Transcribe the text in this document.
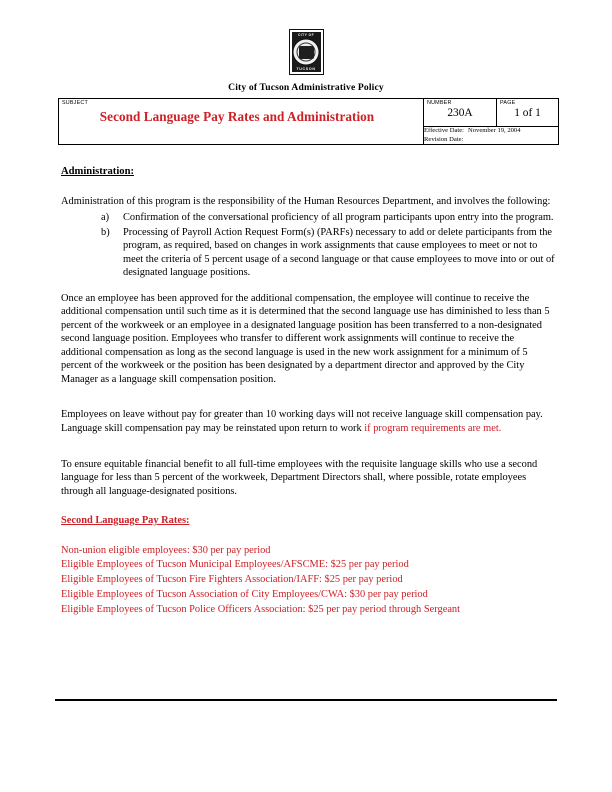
CITY OF
TUCSON
City of Tucson Administrative Policy
SUBJECT
Second Language Pay Rates and Administration

NUMBER
230A

PAGE
1 of 1

Effective Date: November 19, 2004
Revision Date:
Administration:

Administration of this program is the responsibility of the Human Resources Department, and involves the following:

a) Confirmation of the conversational proficiency of all program participants upon entry into the program.
b) Processing of Payroll Action Request Form(s) (PARFs) necessary to add or delete participants from the program, as required, based on changes in work assignments that cause employees to meet or not to meet the criteria of 5 percent usage of a second language or that cause employees to move into or out of designated language positions.

Once an employee has been approved for the additional compensation, the employee will continue to receive the additional compensation until such time as it is determined that the second language use has diminished to less than 5 percent of the workweek or an employee in a designated language position has been transferred to a non-designated second language position. Employees who transfer to different work assignments will continue to receive the additional compensation as long as the second language is used in the new work assignment for a minimum of 5 percent of the workweek or the position has been designated by a department director and approved by the City Manager as a language skill compensation position.

Employees on leave without pay for greater than 10 working days will not receive language skill compensation pay. Language skill compensation pay may be reinstated upon return to work if program requirements are met.

To ensure equitable financial benefit to all full-time employees with the requisite language skills who use a second language for less than 5 percent of the workweek, Department Directors shall, where possible, rotate employees through all language-designated positions.

Second Language Pay Rates:

Non-union eligible employees: $30 per pay period

Eligible Employees of Tucson Municipal Employees/AFSCME: $25 per pay period

Eligible Employees of Tucson Fire Fighters Association/IAFF: $25 per pay period

Eligible Employees of Tucson Association of City Employees/CWA: $30 per pay period

Eligible Employees of Tucson Police Officers Association: $25 per pay period through Sergeant
